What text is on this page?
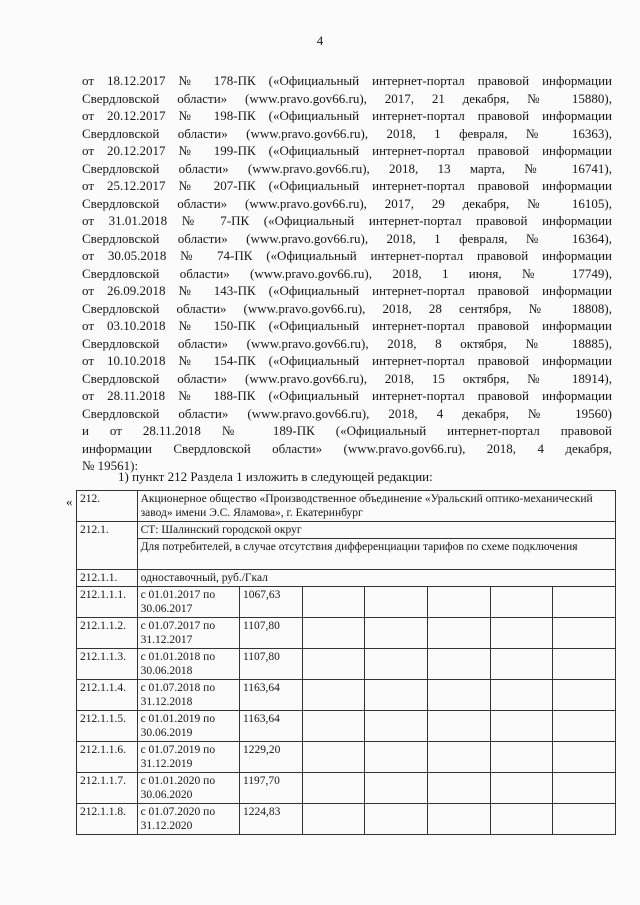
4
от 18.12.2017 № 178-ПК («Официальный интернет-портал правовой информации
Свердловской области» (www.pravo.gov66.ru), 2017, 21 декабря, № 15880),
от 20.12.2017 № 198-ПК («Официальный интернет-портал правовой информации
Свердловской области» (www.pravo.gov66.ru), 2018, 1 февраля, № 16363),
от 20.12.2017 № 199-ПК («Официальный интернет-портал правовой информации
Свердловской области» (www.pravo.gov66.ru), 2018, 13 марта, № 16741),
от 25.12.2017 № 207-ПК («Официальный интернет-портал правовой информации
Свердловской области» (www.pravo.gov66.ru), 2017, 29 декабря, № 16105),
от 31.01.2018 № 7-ПК («Официальный интернет-портал правовой информации
Свердловской области» (www.pravo.gov66.ru), 2018, 1 февраля, № 16364),
от 30.05.2018 № 74-ПК («Официальный интернет-портал правовой информации
Свердловской области» (www.pravo.gov66.ru), 2018, 1 июня, № 17749),
от 26.09.2018 № 143-ПК («Официальный интернет-портал правовой информации
Свердловской области» (www.pravo.gov66.ru), 2018, 28 сентября, № 18808),
от 03.10.2018 № 150-ПК («Официальный интернет-портал правовой информации
Свердловской области» (www.pravo.gov66.ru), 2018, 8 октября, № 18885),
от 10.10.2018 № 154-ПК («Официальный интернет-портал правовой информации
Свердловской области» (www.pravo.gov66.ru), 2018, 15 октября, № 18914),
от 28.11.2018 № 188-ПК («Официальный интернет-портал правовой информации
Свердловской области» (www.pravo.gov66.ru), 2018, 4 декабря, № 19560)
и от 28.11.2018 № 189-ПК («Официальный интернет-портал правовой
информации Свердловской области» (www.pravo.gov66.ru), 2018, 4 декабря,
№ 19561):
1) пункт 212 Раздела 1 изложить в следующей редакции:
« 212.	Акционерное общество «Производственное объединение «Уральский оптико-механический завод» имени Э.С. Яламова», г. Екатеринбург						
212.1.	СТ: Шалинский городской округ						
	Для потребителей, в случае отсутствия дифференциации тарифов по схеме подключения						
212.1.1.	одноставочный, руб./Гкал						
212.1.1.1.	с 01.01.2017 по 30.06.2017	1067,63					
212.1.1.2.	с 01.07.2017 по 31.12.2017	1107,80					
212.1.1.3.	с 01.01.2018 по 30.06.2018	1107,80					
212.1.1.4.	с 01.07.2018 по 31.12.2018	1163,64					
212.1.1.5.	с 01.01.2019 по 30.06.2019	1163,64					
212.1.1.6.	с 01.07.2019 по 31.12.2019	1229,20					
212.1.1.7.	с 01.01.2020 по 30.06.2020	1197,70					
212.1.1.8.	с 01.07.2020 по 31.12.2020	1224,83					
